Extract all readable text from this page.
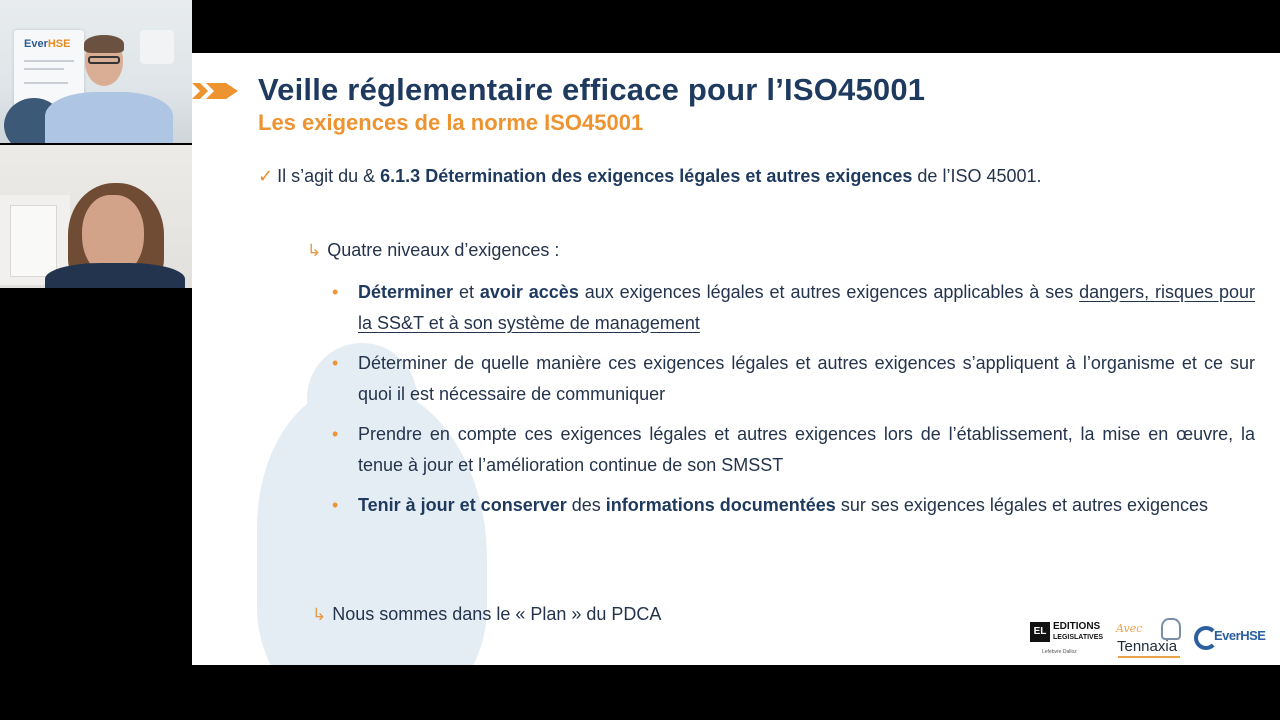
EverHSE
Veille réglementaire efficace pour l’ISO45001
Les exigences de la norme ISO45001
✓ Il s’agit du & 6.1.3 Détermination des exigences légales et autres exigences de l’ISO 45001.
↳ Quatre niveaux d’exigences :
• Déterminer et avoir accès aux exigences légales et autres exigences applicables à ses dangers, risques pour la SS&T et à son système de management
• Déterminer de quelle manière ces exigences légales et autres exigences s’appliquent à l’organisme et ce sur quoi il est nécessaire de communiquer
• Prendre en compte ces exigences légales et autres exigences lors de l’établissement, la mise en œuvre, la tenue à jour et l’amélioration continue de son SMSST
• Tenir à jour et conserver des informations documentées sur ses exigences légales et autres exigences
↳ Nous sommes dans le « Plan » du PDCA
EL EDITIONS
LEGISLATIVES
Lefebvre Dalloz
Avec
Tennaxia
EverHSE
